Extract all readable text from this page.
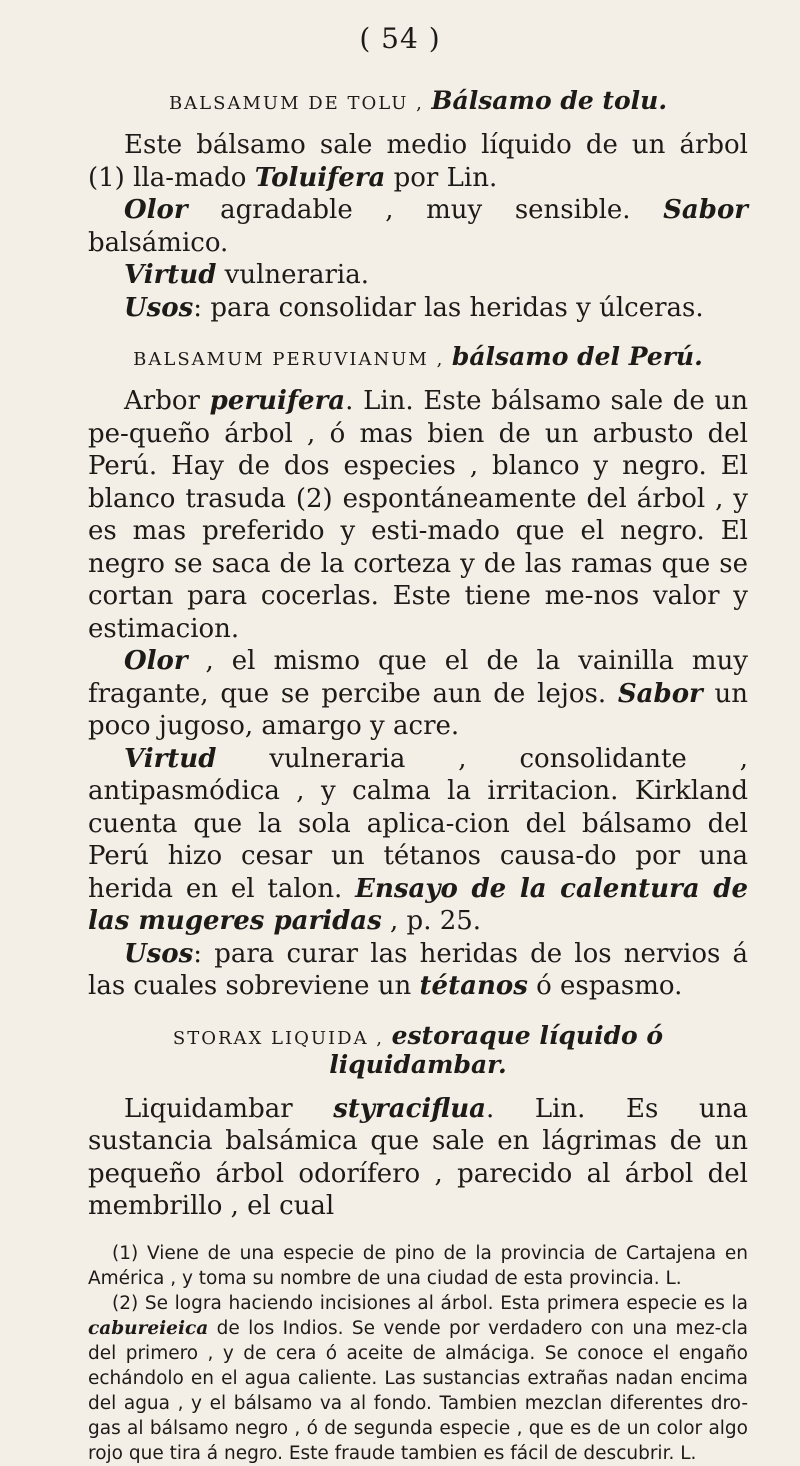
( 54 )
BALSAMUM DE TOLU , Bálsamo de tolu.

Este bálsamo sale medio líquido de un árbol (1) lla-mado Toluifera por Lin.

Olor agradable , muy sensible. Sabor balsámico.

Virtud vulneraria.

Usos: para consolidar las heridas y úlceras.

BALSAMUM PERUVIANUM , bálsamo del Perú.

Arbor peruifera. Lin. Este bálsamo sale de un pe-queño árbol , ó mas bien de un arbusto del Perú. Hay de dos especies , blanco y negro. El blanco trasuda (2) espontáneamente del árbol , y es mas preferido y esti-mado que el negro. El negro se saca de la corteza y de las ramas que se cortan para cocerlas. Este tiene me-nos valor y estimacion.

Olor , el mismo que el de la vainilla muy fragante, que se percibe aun de lejos. Sabor un poco jugoso, amargo y acre.

Virtud vulneraria , consolidante , antipasmódica , y calma la irritacion. Kirkland cuenta que la sola aplica-cion del bálsamo del Perú hizo cesar un tétanos causa-do por una herida en el talon. Ensayo de la calentura de las mugeres paridas , p. 25.

Usos: para curar las heridas de los nervios á las cuales sobreviene un tétanos ó espasmo.

STORAX LIQUIDA , estoraque líquido ó liquidambar.

Liquidambar styraciflua. Lin. Es una sustancia balsámica que sale en lágrimas de un pequeño árbol odorífero , parecido al árbol del membrillo , el cual

(1) Viene de una especie de pino de la provincia de Cartajena en América , y toma su nombre de una ciudad de esta provincia. L.

(2) Se logra haciendo incisiones al árbol. Esta primera especie es la cabureieica de los Indios. Se vende por verdadero con una mez-cla del primero , y de cera ó aceite de almáciga. Se conoce el engaño echándolo en el agua caliente. Las sustancias extrañas nadan encima del agua , y el bálsamo va al fondo. Tambien mezclan diferentes dro-gas al bálsamo negro , ó de segunda especie , que es de un color algo rojo que tira á negro. Este fraude tambien es fácil de descubrir. L.
